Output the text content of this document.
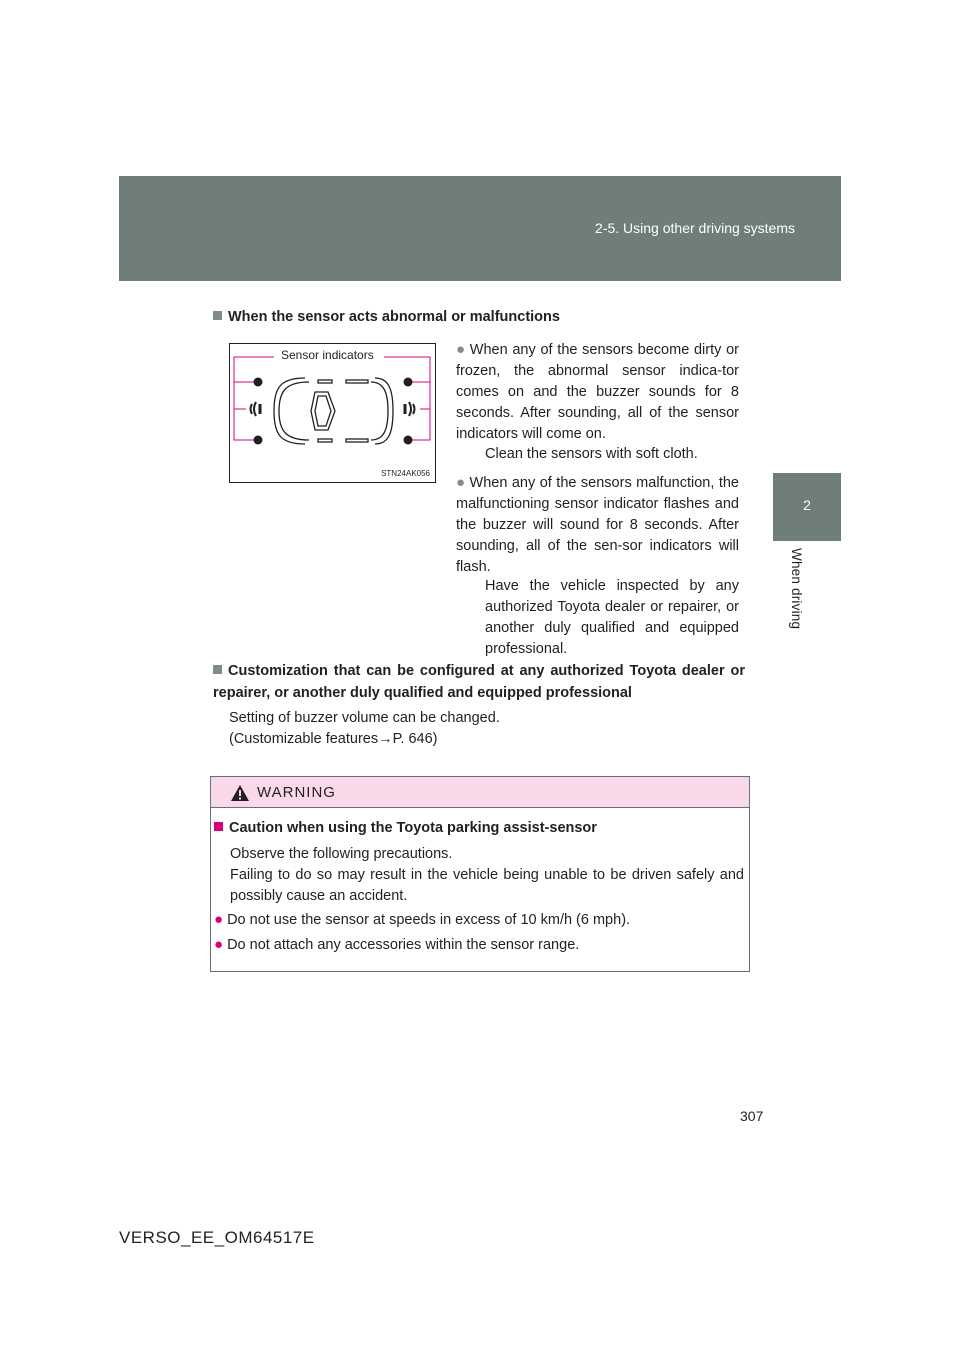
2-5. Using other driving systems
2
When driving
When the sensor acts abnormal or malfunctions
Sensor indicators
STN24AK056
● When any of the sensors become dirty or frozen, the abnormal sensor indica-tor comes on and the buzzer sounds for 8 seconds. After sounding, all of the sensor indicators will come on.
Clean the sensors with soft cloth.
● When any of the sensors malfunction, the malfunctioning sensor indicator flashes and the buzzer will sound for 8 seconds. After sounding, all of the sen-sor indicators will flash.
Have the vehicle inspected by any authorized Toyota dealer or repairer, or another duly qualified and equipped professional.
Customization that can be configured at any authorized Toyota dealer or repairer, or another duly qualified and equipped professional
Setting of buzzer volume can be changed.
(Customizable features→P. 646)
WARNING
Caution when using the Toyota parking assist-sensor
Observe the following precautions.
Failing to do so may result in the vehicle being unable to be driven safely and possibly cause an accident.
● Do not use the sensor at speeds in excess of 10 km/h (6 mph).
● Do not attach any accessories within the sensor range.
307
VERSO_EE_OM64517E
